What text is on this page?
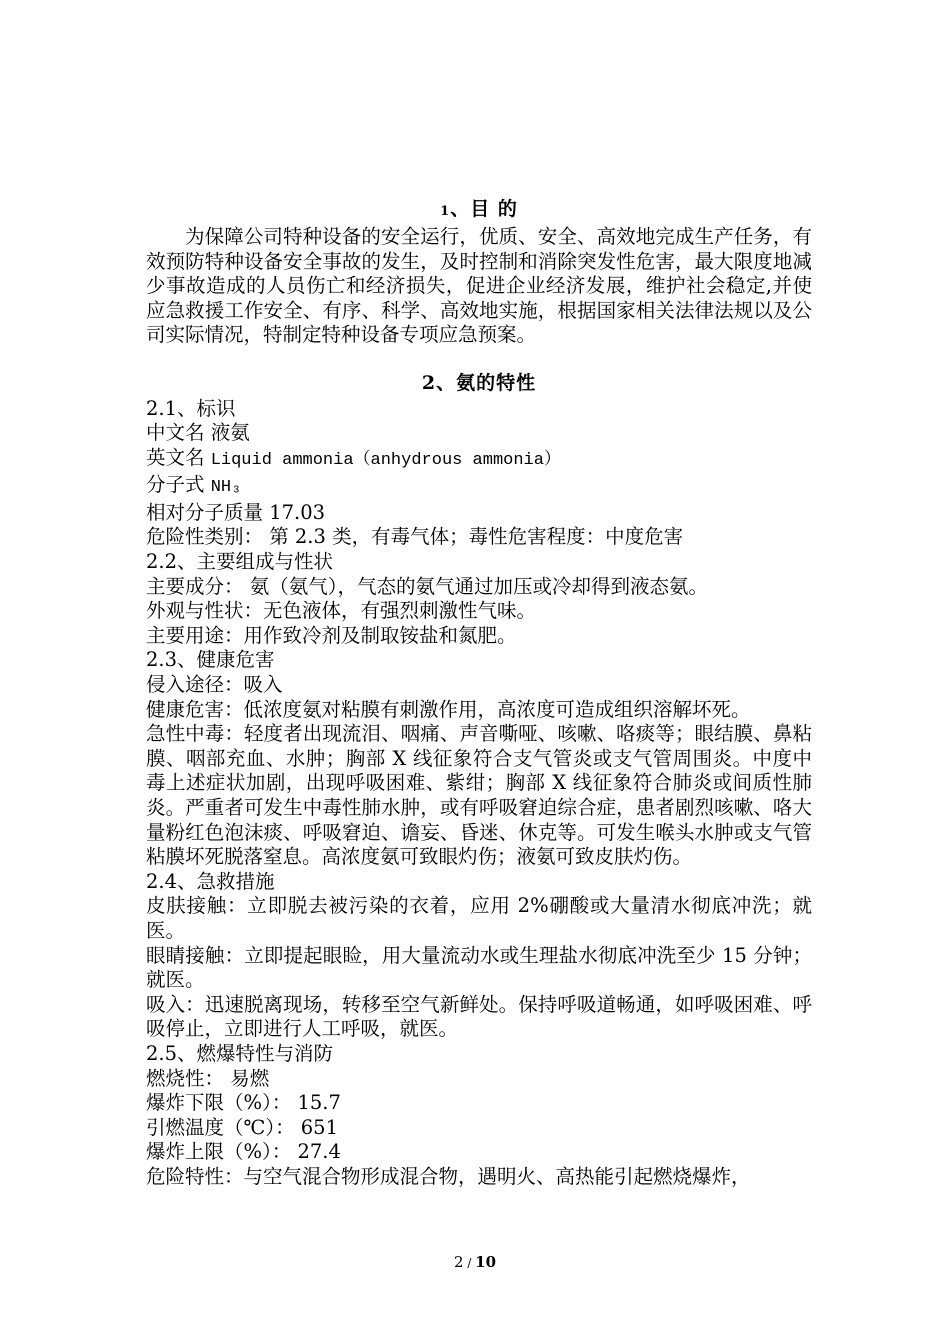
1、目 的

为保障公司特种设备的安全运行，优质、安全、高效地完成生产任务，有效预防特种设备安全事故的发生，及时控制和消除突发性危害，最大限度地减少事故造成的人员伤亡和经济损失，促进企业经济发展，维护社会稳定,并使应急救援工作安全、有序、科学、高效地实施，根据国家相关法律法规以及公司实际情况，特制定特种设备专项应急预案。

2、氨的特性
2.1、标识
中文名 液氨
英文名 Liquid ammonia（anhydrous ammonia）
分子式 NH₃
相对分子质量 17.03
危险性类别： 第 2.3 类，有毒气体；毒性危害程度：中度危害
2.2、主要组成与性状
主要成分： 氨（氨气），气态的氨气通过加压或冷却得到液态氨。
外观与性状：无色液体，有强烈刺激性气味。
主要用途：用作致冷剂及制取铵盐和氮肥。
2.3、健康危害
侵入途径：吸入
健康危害：低浓度氨对粘膜有刺激作用，高浓度可造成组织溶解坏死。
急性中毒：轻度者出现流泪、咽痛、声音嘶哑、咳嗽、咯痰等；眼结膜、鼻粘膜、咽部充血、水肿；胸部 X 线征象符合支气管炎或支气管周围炎。中度中毒上述症状加剧，出现呼吸困难、紫绀；胸部 X 线征象符合肺炎或间质性肺炎。严重者可发生中毒性肺水肿，或有呼吸窘迫综合症，患者剧烈咳嗽、咯大量粉红色泡沫痰、呼吸窘迫、谵妄、昏迷、休克等。可发生喉头水肿或支气管粘膜坏死脱落窒息。高浓度氨可致眼灼伤；液氨可致皮肤灼伤。
2.4、急救措施
皮肤接触：立即脱去被污染的衣着，应用 2%硼酸或大量清水彻底冲洗；就医。
眼睛接触：立即提起眼睑，用大量流动水或生理盐水彻底冲洗至少 15 分钟；就医。
吸入：迅速脱离现场，转移至空气新鲜处。保持呼吸道畅通，如呼吸困难、呼吸停止，立即进行人工呼吸，就医。
2.5、燃爆特性与消防
燃烧性： 易燃
爆炸下限（%）： 15.7
引燃温度（℃）： 651
爆炸上限（%）： 27.4
危险特性：与空气混合物形成混合物，遇明火、高热能引起燃烧爆炸，
2 / 10
